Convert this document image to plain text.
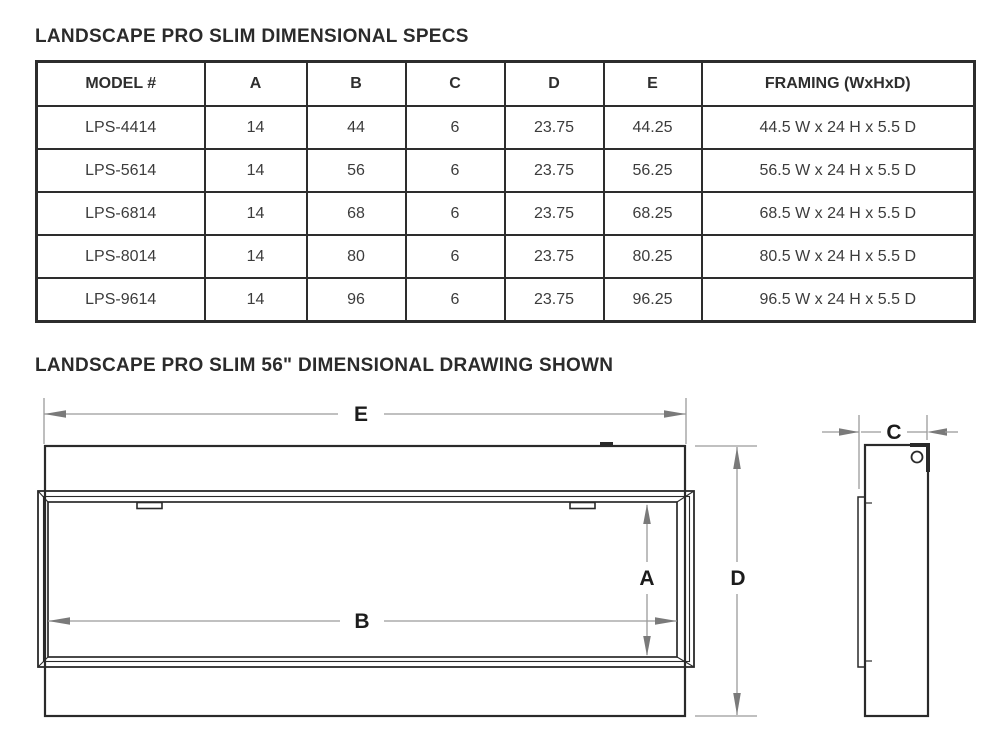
LANDSCAPE PRO SLIM DIMENSIONAL SPECS
MODEL #	A	B	C	D	E	FRAMING (WxHxD)
LPS-4414	14	44	6	23.75	44.25	44.5 W x 24 H x 5.5 D
LPS-5614	14	56	6	23.75	56.25	56.5 W x 24 H x 5.5 D
LPS-6814	14	68	6	23.75	68.25	68.5 W x 24 H x 5.5 D
LPS-8014	14	80	6	23.75	80.25	80.5 W x 24 H x 5.5 D
LPS-9614	14	96	6	23.75	96.25	96.5 W x 24 H x 5.5 D
LANDSCAPE PRO SLIM 56" DIMENSIONAL DRAWING SHOWN
E
A
B
D
C
